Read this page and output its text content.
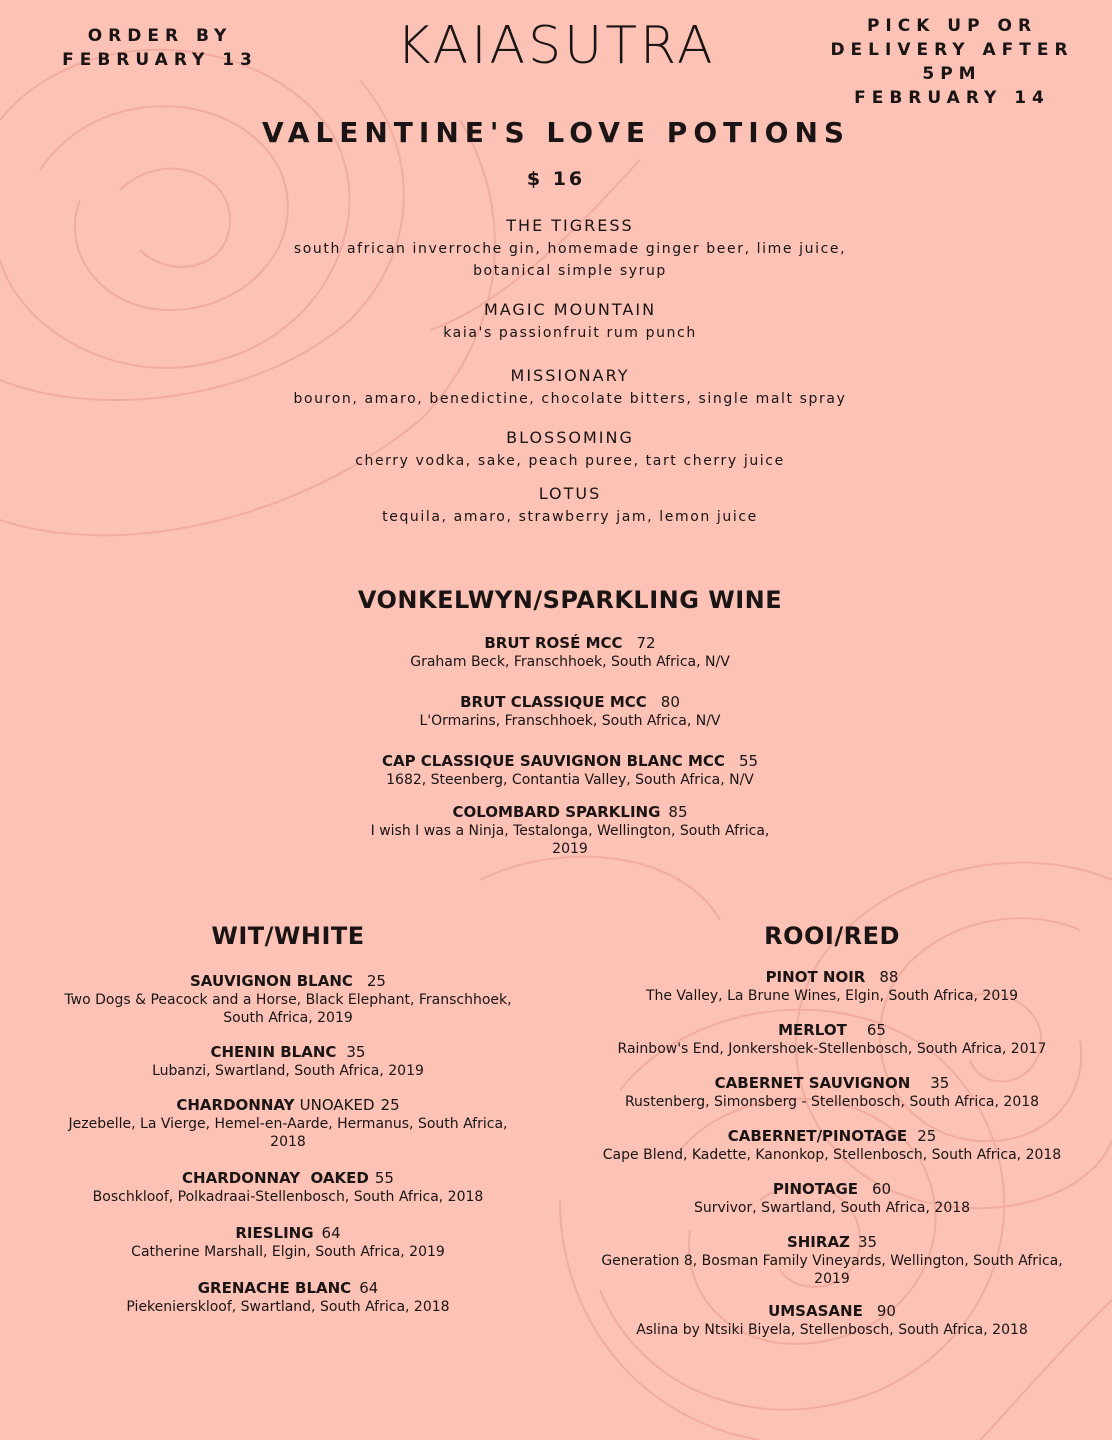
ORDER BY
FEBRUARY 13	KAIASUTRA	PICK UP OR
DELIVERY AFTER 5PM
FEBRUARY 14
VALENTINE'S LOVE POTIONS
$ 16
THE TIGRESS
south african inverroche gin, homemade ginger beer, lime juice,
botanical simple syrup
MAGIC MOUNTAIN
kaia's passionfruit rum punch
MISSIONARY
bouron, amaro, benedictine, chocolate bitters, single malt spray
BLOSSOMING
cherry vodka, sake, peach puree, tart cherry juice
LOTUS
tequila, amaro, strawberry jam, lemon juice
VONKELWYN/SPARKLING WINE
BRUT ROSÉ MCC 72
Graham Beck, Franschhoek, South Africa, N/V
BRUT CLASSIQUE MCC 80
L'Ormarins, Franschhoek, South Africa, N/V
CAP CLASSIQUE SAUVIGNON BLANC MCC 55
1682, Steenberg, Contantia Valley, South Africa, N/V
COLOMBARD SPARKLING 85
I wish I was a Ninja, Testalonga, Wellington, South Africa,
2019
WIT/WHITE
SAUVIGNON BLANC 25
Two Dogs & Peacock and a Horse, Black Elephant, Franschhoek,
South Africa, 2019
CHENIN BLANC 35
Lubanzi, Swartland, South Africa, 2019
CHARDONNAY UNOAKED 25
Jezebelle, La Vierge, Hemel-en-Aarde, Hermanus, South Africa,
2018
CHARDONNAY  OAKED 55
Boschkloof, Polkadraai-Stellenbosch, South Africa, 2018
RIESLING 64
Catherine Marshall, Elgin, South Africa, 2019
GRENACHE BLANC 64
Piekenierskloof, Swartland, South Africa, 2018
ROOI/RED
PINOT NOIR 88
The Valley, La Brune Wines, Elgin, South Africa, 2019
MERLOT 65
Rainbow's End, Jonkershoek-Stellenbosch, South Africa, 2017
CABERNET SAUVIGNON 35
Rustenberg, Simonsberg - Stellenbosch, South Africa, 2018
CABERNET/PINOTAGE 25
Cape Blend, Kadette, Kanonkop, Stellenbosch, South Africa, 2018
PINOTAGE 60
Survivor, Swartland, South Africa, 2018
SHIRAZ 35
Generation 8, Bosman Family Vineyards, Wellington, South Africa,
2019
UMSASANE 90
Aslina by Ntsiki Biyela, Stellenbosch, South Africa, 2018
